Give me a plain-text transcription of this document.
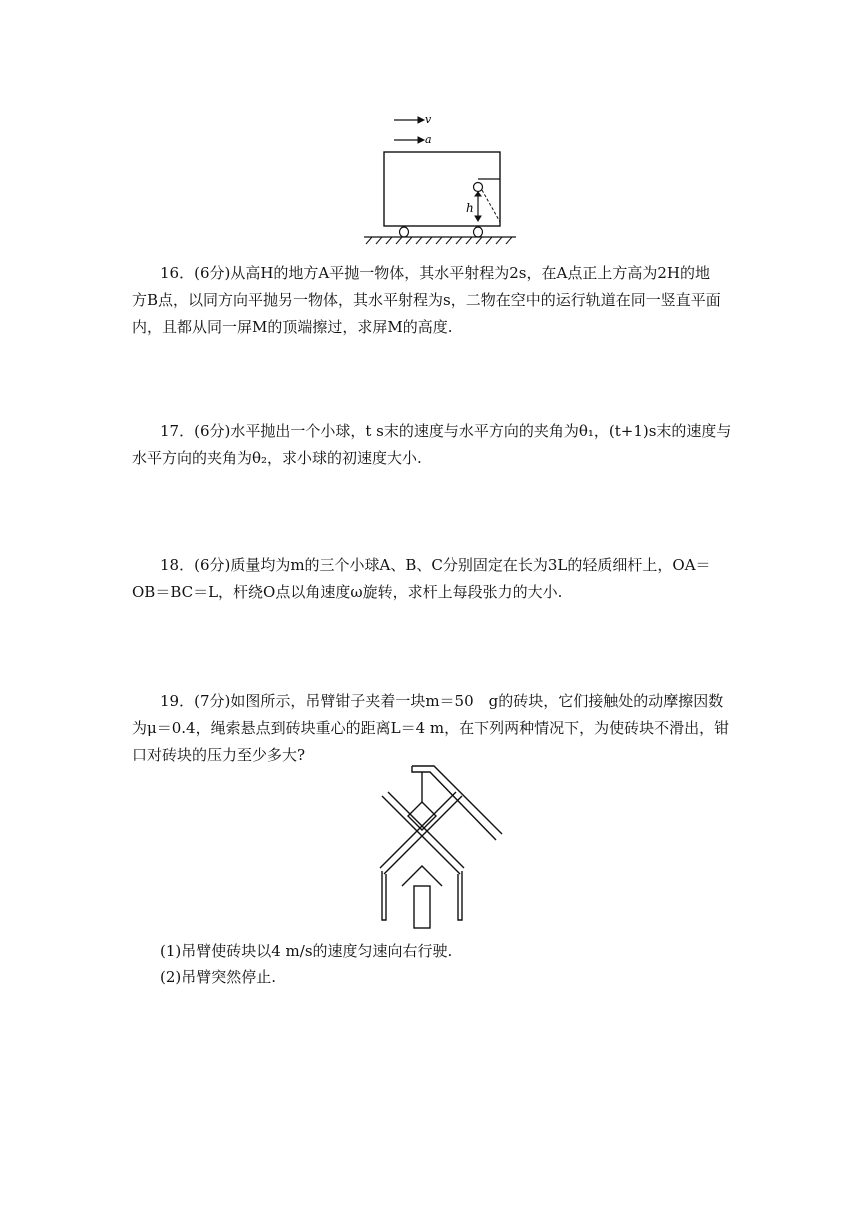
v
a
h

16．(6分)从高H的地方A平抛一物体，其水平射程为2s，在A点正上方高为2H的地

方B点，以同方向平抛另一物体，其水平射程为s，二物在空中的运行轨道在同一竖直平面

内，且都从同一屏M的顶端擦过，求屏M的高度.

17．(6分)水平抛出一个小球，t s末的速度与水平方向的夹角为θ₁，(t+1)s末的速度与

水平方向的夹角为θ₂，求小球的初速度大小.

18．(6分)质量均为m的三个小球A、B、C分别固定在长为3L的轻质细杆上，OA＝

OB＝BC＝L，杆绕O点以角速度ω旋转，求杆上每段张力的大小.

19．(7分)如图所示，吊臂钳子夹着一块m＝50　g的砖块，它们接触处的动摩擦因数

为μ＝0.4，绳索悬点到砖块重心的距离L＝4 m，在下列两种情况下，为使砖块不滑出，钳

口对砖块的压力至少多大?

(1)吊臂使砖块以4 m/s的速度匀速向右行驶.

(2)吊臂突然停止.
